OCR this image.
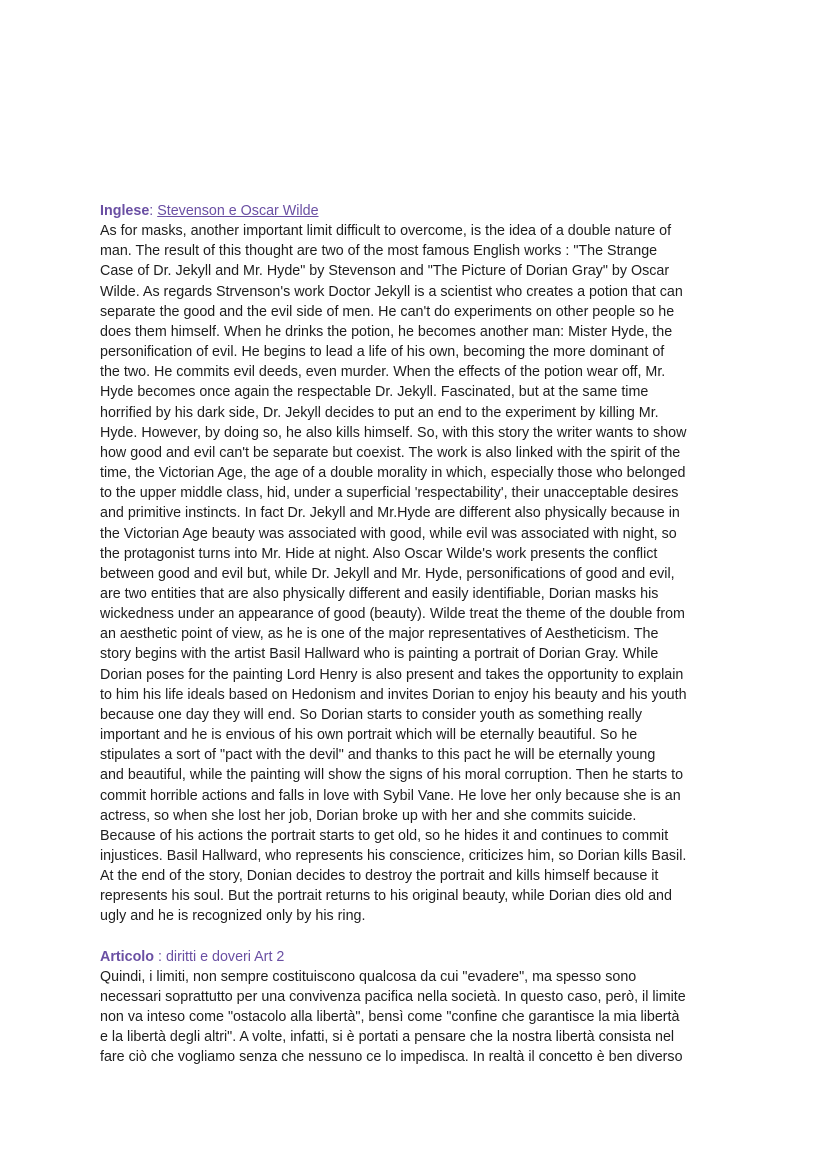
Inglese: Stevenson e Oscar Wilde

As for masks, another important limit difficult to overcome, is the idea of a double nature of
man. The result of this thought are two of the most famous English works : "The Strange
Case of Dr. Jekyll and Mr. Hyde" by Stevenson and "The Picture of Dorian Gray" by Oscar
Wilde. As regards Strvenson's work Doctor Jekyll is a scientist who creates a potion that can
separate the good and the evil side of men. He can't do experiments on other people so he
does them himself. When he drinks the potion, he becomes another man: Mister Hyde, the
personification of evil. He begins to lead a life of his own, becoming the more dominant of
the two. He commits evil deeds, even murder. When the effects of the potion wear off, Mr.
Hyde becomes once again the respectable Dr. Jekyll. Fascinated, but at the same time
horrified by his dark side, Dr. Jekyll decides to put an end to the experiment by killing Mr.
Hyde. However, by doing so, he also kills himself. So, with this story the writer wants to show
how good and evil can't be separate but coexist. The work is also linked with the spirit of the
time, the Victorian Age, the age of a double morality in which, especially those who belonged
to the upper middle class, hid, under a superficial 'respectability', their unacceptable desires
and primitive instincts. In fact Dr. Jekyll and Mr.Hyde are different also physically because in
the Victorian Age beauty was associated with good, while evil was associated with night, so
the protagonist turns into Mr. Hide at night. Also Oscar Wilde's work presents the conflict
between good and evil but, while Dr. Jekyll and Mr. Hyde, personifications of good and evil,
are two entities that are also physically different and easily identifiable, Dorian masks his
wickedness under an appearance of good (beauty). Wilde treat the theme of the double from
an aesthetic point of view, as he is one of the major representatives of Aestheticism. The
story begins with the artist Basil Hallward who is painting a portrait of Dorian Gray. While
Dorian poses for the painting Lord Henry is also present and takes the opportunity to explain
to him his life ideals based on Hedonism and invites Dorian to enjoy his beauty and his youth
because one day they will end. So Dorian starts to consider youth as something really
important and he is envious of his own portrait which will be eternally beautiful. So he
stipulates a sort of "pact with the devil" and thanks to this pact he will be eternally young
and beautiful, while the painting will show the signs of his moral corruption. Then he starts to
commit horrible actions and falls in love with Sybil Vane. He love her only because she is an
actress, so when she lost her job, Dorian broke up with her and she commits suicide.
Because of his actions the portrait starts to get old, so he hides it and continues to commit
injustices. Basil Hallward, who represents his conscience, criticizes him, so Dorian kills Basil.
At the end of the story, Donian decides to destroy the portrait and kills himself because it
represents his soul. But the portrait returns to his original beauty, while Dorian dies old and
ugly and he is recognized only by his ring.

Articolo : diritti e doveri Art 2

Quindi, i limiti, non sempre costituiscono qualcosa da cui "evadere", ma spesso sono
necessari soprattutto per una convivenza pacifica nella società. In questo caso, però, il limite
non va inteso come "ostacolo alla libertà", bensì come "confine che garantisce la mia libertà
e la libertà degli altri". A volte, infatti, si è portati a pensare che la nostra libertà consista nel
fare ciò che vogliamo senza che nessuno ce lo impedisca. In realtà il concetto è ben diverso
